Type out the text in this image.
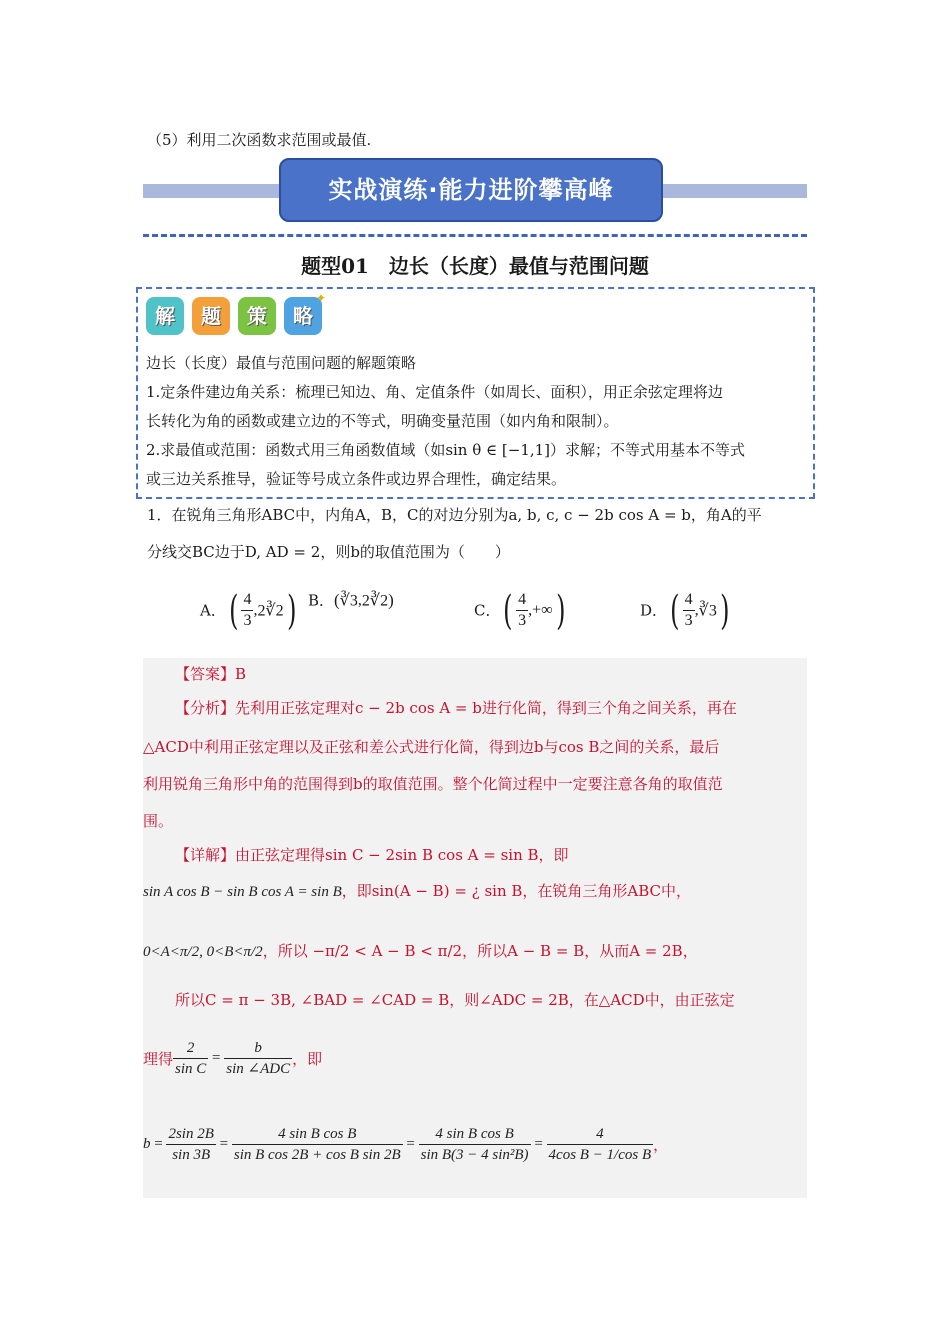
（5）利用二次函数求范围或最值.
实战演练·能力进阶攀高峰
题型01　边长（长度）最值与范围问题
解	题	策	略
✦
边长（长度）最值与范围问题的解题策略
1.定条件建边角关系：梳理已知边、角、定值条件（如周长、面积），用正余弦定理将边
长转化为角的函数或建立边的不等式，明确变量范围（如内角和限制）。
2.求最值或范围：函数式用三角函数值域（如sin θ ∈ [−1,1]）求解；不等式用基本不等式
或三边关系推导，验证等号成立条件或边界合理性，确定结果。
1．在锐角三角形ABC中，内角A，B，C的对边分别为a, b, c, c − 2b cos A = b，角A的平
分线交BC边于D, AD = 2，则b的取值范围为（　　）
A．( $\frac{4}{3}$ ,2∛2) B．(∛3,2∛2)
C．( $\frac{4}{3}$ ,+∞)	D．( $\frac{4}{3}$ ,∛3)
【答案】B
【分析】先利用正弦定理对c − 2b cos A = b进行化简，得到三个角之间关系，再在
△ACD中利用正弦定理以及正弦和差公式进行化简，得到边b与cos B之间的关系，最后
利用锐角三角形中角的范围得到b的取值范围。整个化简过程中一定要注意各角的取值范
围。
【详解】由正弦定理得sin C − 2sin B cos A = sin B，即
sin A cos B − sin B cos A = sin B，即sin(A − B) = ¿ sin B，在锐角三角形ABC中，
0<A<π/2, 0<B<π/2，所以 −π/2 < A − B < π/2，所以A − B = B，从而A = 2B，
所以C = π − 3B, ∠BAD = ∠CAD = B，则∠ADC = 2B，在△ACD中，由正弦定
理得 $\frac{2}{\text{sin C}} = \frac{b}{\text{sin ∠ADC}}$ ，即
$b = \frac{2\sin 2B}{\sin 3B} = \frac{\text{4 sin B cos B}}{\text{sin B cos 2B + cos B sin 2B}} = \frac{\text{4 sin B cos B}}{\text{sin B(3 − 4 sin²B)}} = \frac{4}{\text{4cos B − 1/cos B}}$ ，
